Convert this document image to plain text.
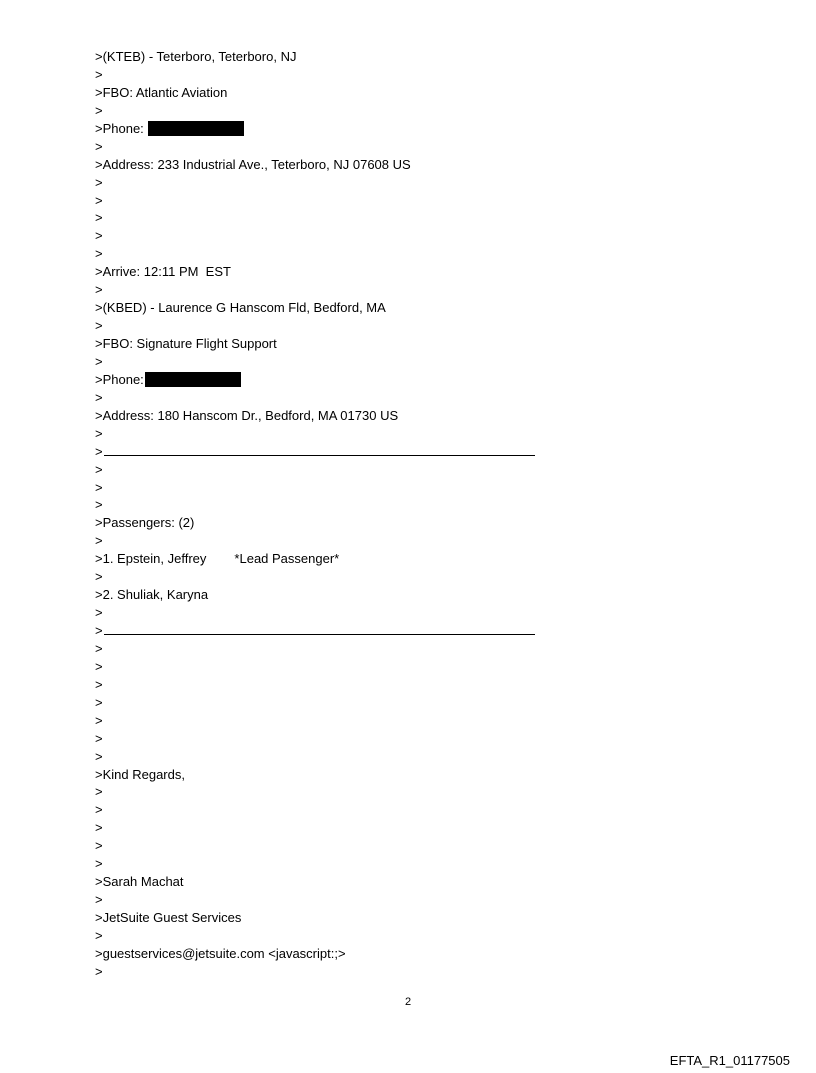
>(KTEB) - Teterboro, Teterboro, NJ
>
>FBO: Atlantic Aviation
>
>Phone:
>
>Address: 233 Industrial Ave., Teterboro, NJ 07608 US
>
>
>
>
>
>Arrive: 12:11 PM  EST
>
>(KBED) - Laurence G Hanscom Fld, Bedford, MA
>
>FBO: Signature Flight Support
>
>Phone:
>
>Address: 180 Hanscom Dr., Bedford, MA 01730 US
>
>
>
>
>
>Passengers: (2)
>
>1. Epstein, Jeffrey *Lead Passenger*
>
>2. Shuliak, Karyna
>
>
>
>
>
>
>
>
>
>Kind Regards,
>
>
>
>
>
>Sarah Machat
>
>JetSuite Guest Services
>
>guestservices@jetsuite.com <javascript:;>
>
2
EFTA_R1_01177505
